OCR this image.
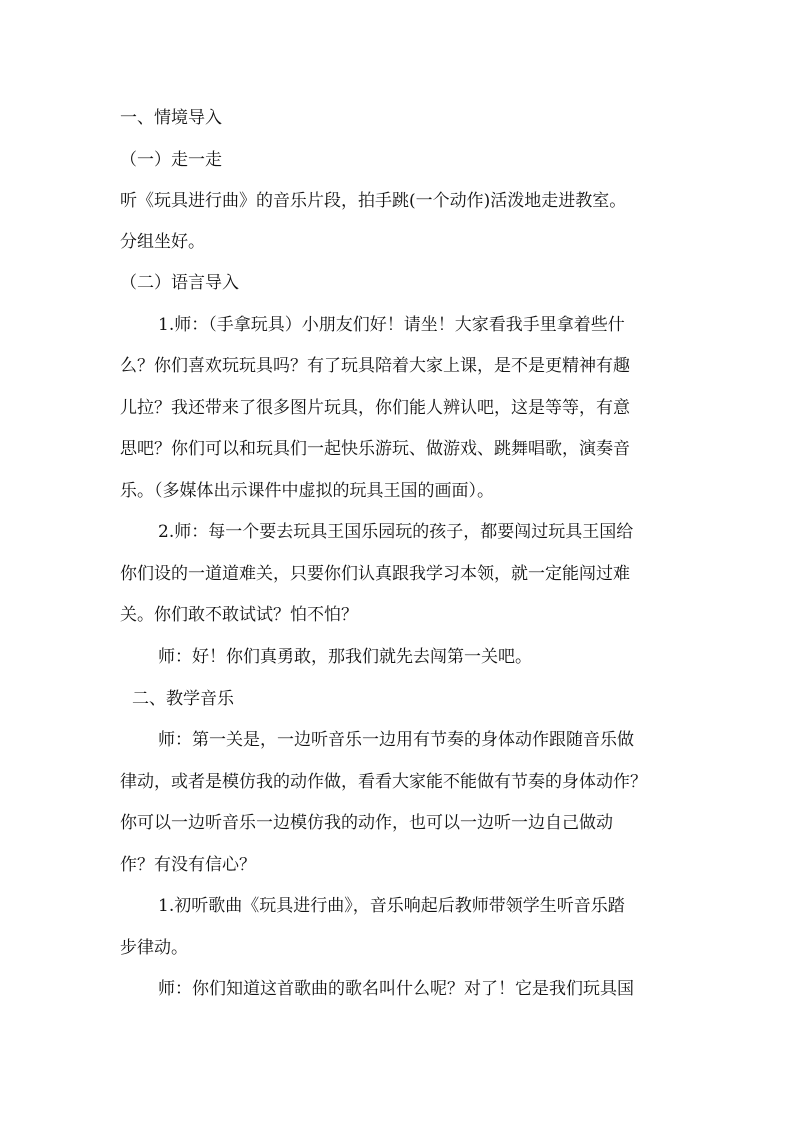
一、情境导入
（一）走一走
听《玩具进行曲》的音乐片段，拍手跳(一个动作)活泼地走进教室。
分组坐好。
（二）语言导入
1.师：（手拿玩具）小朋友们好！请坐！大家看我手里拿着些什
么？你们喜欢玩玩具吗？有了玩具陪着大家上课，是不是更精神有趣
儿拉？我还带来了很多图片玩具，你们能人辨认吧，这是等等，有意
思吧？你们可以和玩具们一起快乐游玩、做游戏、跳舞唱歌，演奏音
乐。（多媒体出示课件中虚拟的玩具王国的画面）。
2.师：每一个要去玩具王国乐园玩的孩子，都要闯过玩具王国给
你们设的一道道难关，只要你们认真跟我学习本领，就一定能闯过难
关。你们敢不敢试试？怕不怕？
师：好！你们真勇敢，那我们就先去闯第一关吧。
二、教学音乐
师：第一关是，一边听音乐一边用有节奏的身体动作跟随音乐做
律动，或者是模仿我的动作做，看看大家能不能做有节奏的身体动作？
你可以一边听音乐一边模仿我的动作，也可以一边听一边自己做动
作？有没有信心？
1.初听歌曲《玩具进行曲》，音乐响起后教师带领学生听音乐踏
步律动。
师：你们知道这首歌曲的歌名叫什么呢？对了！它是我们玩具国
